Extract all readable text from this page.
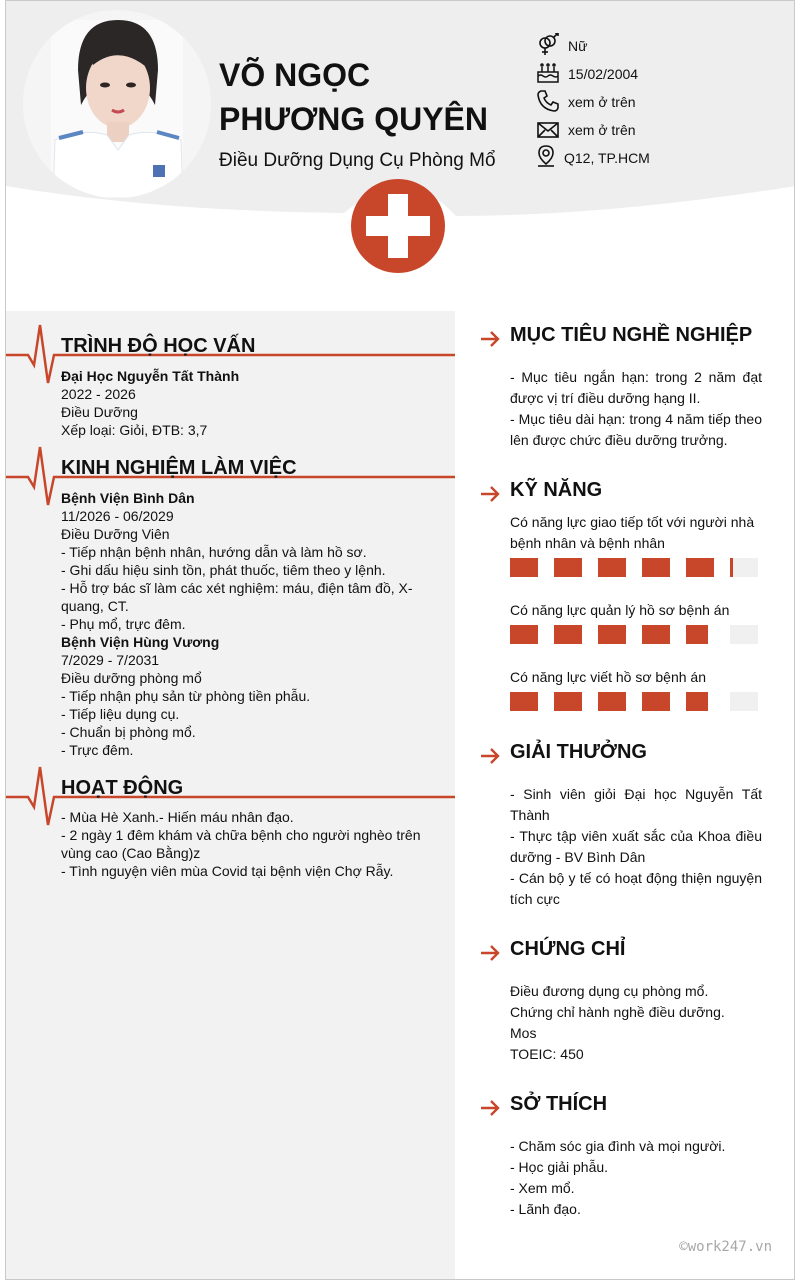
VÕ NGỌC
PHƯƠNG QUYÊN
Điều Dưỡng Dụng Cụ Phòng Mổ
Nữ
15/02/2004
xem ở trên
xem ở trên
Q12, TP.HCM
TRÌNH ĐỘ HỌC VẤN
Đại Học Nguyễn Tất Thành
2022 - 2026
Điều Dưỡng
Xếp loại: Giỏi, ĐTB: 3,7
KINH NGHIỆM LÀM VIỆC
Bệnh Viện Bình Dân
11/2026 - 06/2029
Điều Dưỡng Viên
- Tiếp nhận bệnh nhân, hướng dẫn và làm hồ sơ.
- Ghi dấu hiệu sinh tồn, phát thuốc, tiêm theo y lệnh.
- Hỗ trợ bác sĩ làm các xét nghiệm: máu, điện tâm đồ, X-quang, CT.
- Phụ mổ, trực đêm.
Bệnh Viện Hùng Vương
7/2029 - 7/2031
Điều dưỡng phòng mổ
- Tiếp nhận phụ sản từ phòng tiền phẫu.
- Tiếp liệu dụng cụ.
- Chuẩn bị phòng mổ.
- Trực đêm.
HOẠT ĐỘNG
- Mùa Hè Xanh.- Hiến máu nhân đạo.
- 2 ngày 1 đêm khám và chữa bệnh cho người nghèo trên vùng cao (Cao Bằng)z
- Tình nguyện viên mùa Covid tại bệnh viện Chợ Rẫy.
MỤC TIÊU NGHỀ NGHIỆP
- Mục tiêu ngắn hạn: trong 2 năm đạt được vị trí điều dưỡng hạng II.
- Mục tiêu dài hạn: trong 4 năm tiếp theo lên được chức điều dưỡng trưởng.
KỸ NĂNG
Có năng lực giao tiếp tốt với người nhà bệnh nhân và bệnh nhân
Có năng lực quản lý hồ sơ bệnh án
Có năng lực viết hồ sơ bệnh án
GIẢI THƯỞNG
- Sinh viên giỏi Đại học Nguyễn Tất Thành
- Thực tập viên xuất sắc của Khoa điều dưỡng - BV Bình Dân
- Cán bộ y tế có hoạt động thiện nguyện tích cực
CHỨNG CHỈ
Điều đương dụng cụ phòng mổ.
Chứng chỉ hành nghề điều dưỡng.
Mos
TOEIC: 450
SỞ THÍCH
- Chăm sóc gia đình và mọi người.
- Học giải phẫu.
- Xem mổ.
- Lãnh đạo.
©work247.vn
